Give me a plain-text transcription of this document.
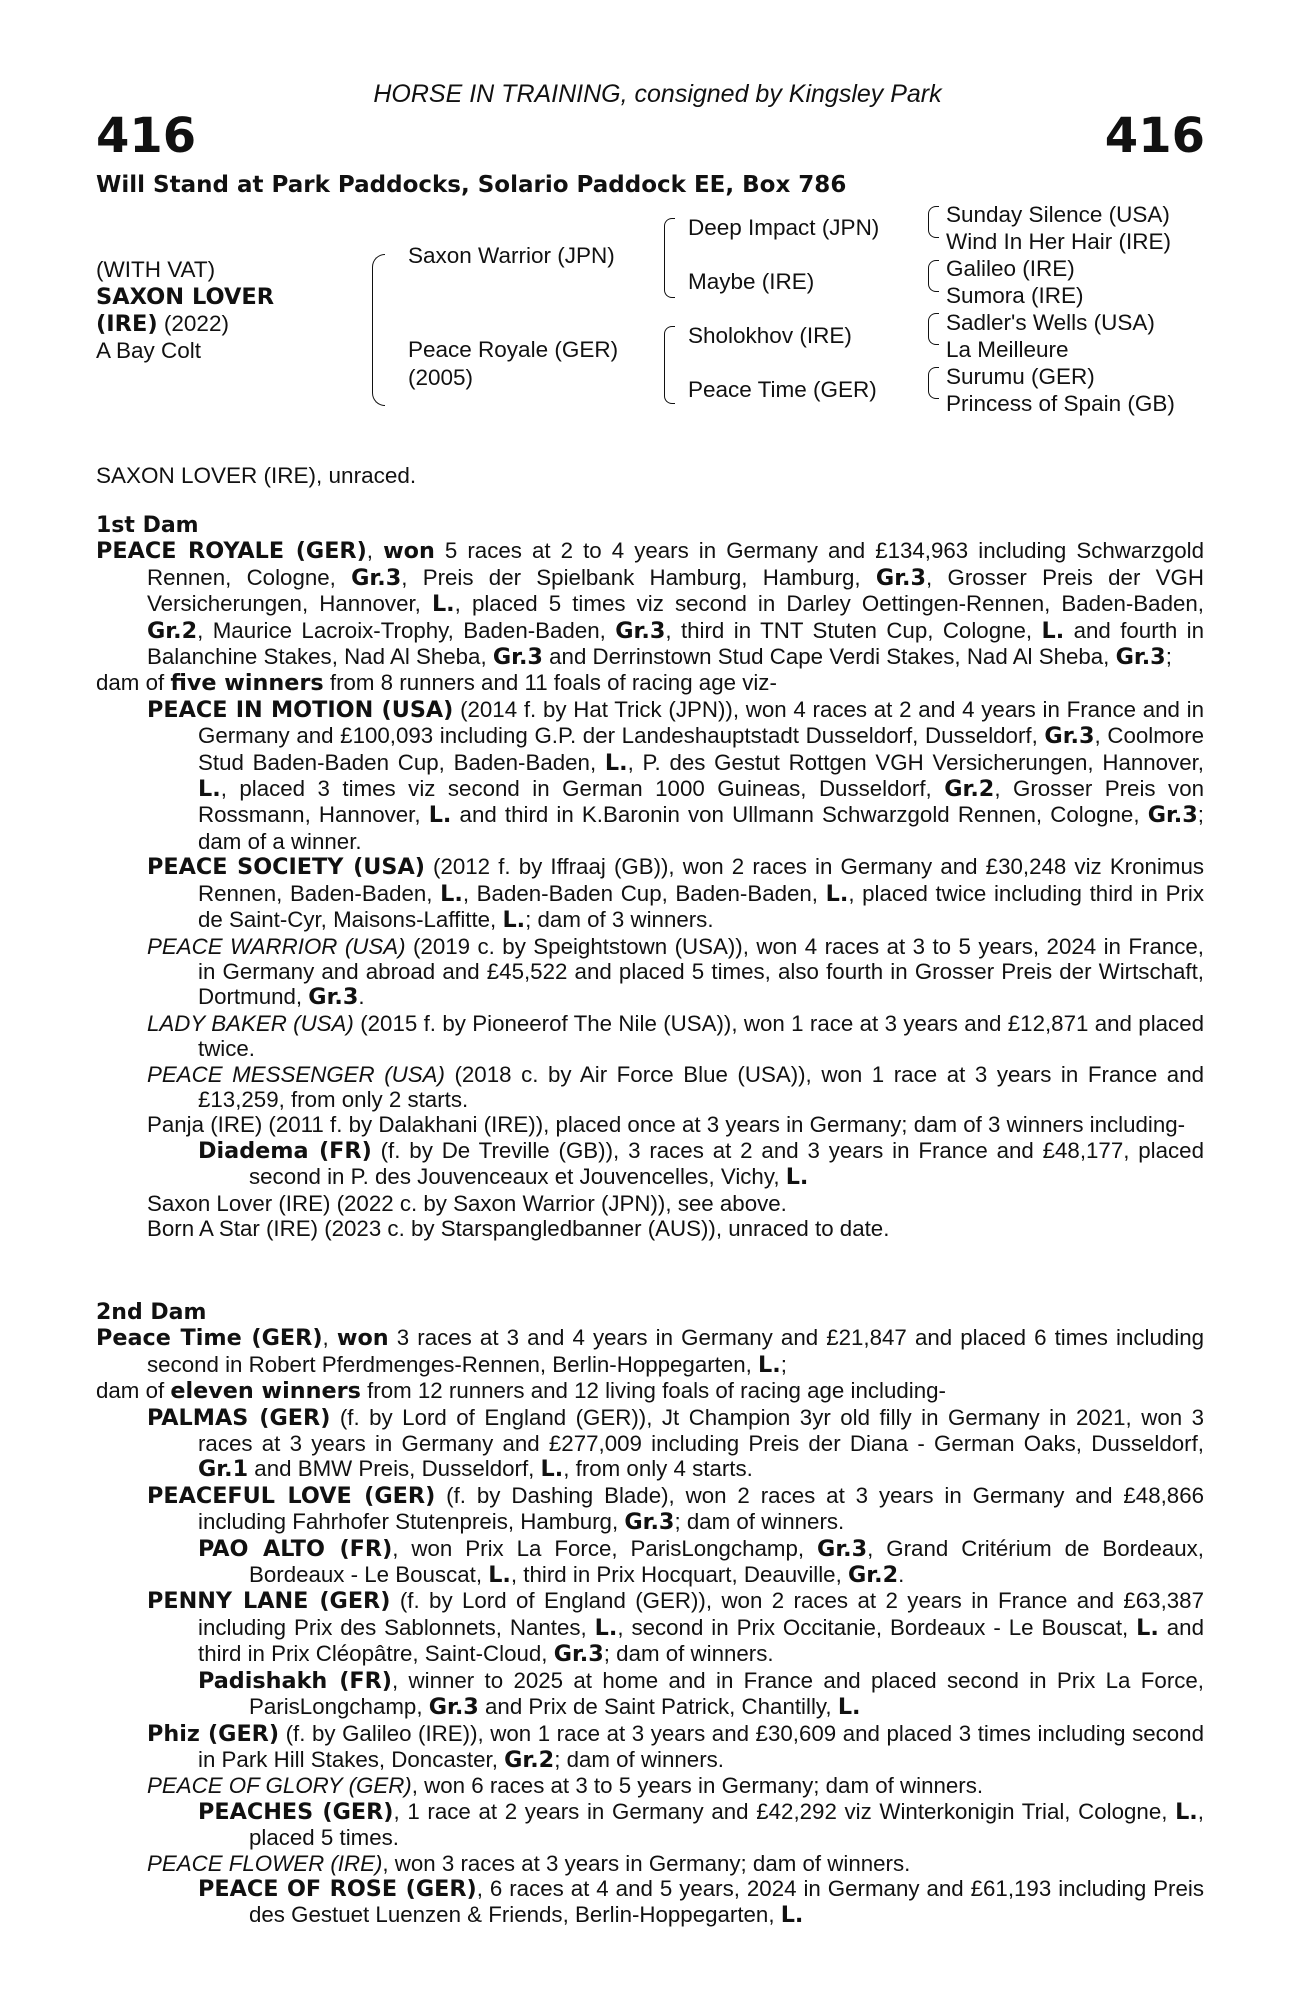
HORSE IN TRAINING, consigned by Kingsley Park
416	416
Will Stand at Park Paddocks, Solario Paddock EE, Box 786
(WITH VAT)
SAXON LOVER
(IRE) (2022)
A Bay Colt
Saxon Warrior (JPN)
Peace Royale (GER)
(2005)
Deep Impact (JPN)
Maybe (IRE)
Sholokhov (IRE)
Peace Time (GER)
Sunday Silence (USA)
Wind In Her Hair (IRE)
Galileo (IRE)
Sumora (IRE)
Sadler's Wells (USA)
La Meilleure
Surumu (GER)
Princess of Spain (GB)
SAXON LOVER (IRE), unraced.

1st Dam

PEACE ROYALE (GER), won 5 races at 2 to 4 years in Germany and £134,963 including Schwarzgold Rennen, Cologne, Gr.3, Preis der Spielbank Hamburg, Hamburg, Gr.3, Grosser Preis der VGH Versicherungen, Hannover, L., placed 5 times viz second in Darley Oettingen-Rennen, Baden-Baden, Gr.2, Maurice Lacroix-Trophy, Baden-Baden, Gr.3, third in TNT Stuten Cup, Cologne, L. and fourth in Balanchine Stakes, Nad Al Sheba, Gr.3 and Derrinstown Stud Cape Verdi Stakes, Nad Al Sheba, Gr.3;

dam of five winners from 8 runners and 11 foals of racing age viz-

PEACE IN MOTION (USA) (2014 f. by Hat Trick (JPN)), won 4 races at 2 and 4 years in France and in Germany and £100,093 including G.P. der Landeshauptstadt Dusseldorf, Dusseldorf, Gr.3, Coolmore Stud Baden-Baden Cup, Baden-Baden, L., P. des Gestut Rottgen VGH Versicherungen, Hannover, L., placed 3 times viz second in German 1000 Guineas, Dusseldorf, Gr.2, Grosser Preis von Rossmann, Hannover, L. and third in K.Baronin von Ullmann Schwarzgold Rennen, Cologne, Gr.3; dam of a winner.

PEACE SOCIETY (USA) (2012 f. by Iffraaj (GB)), won 2 races in Germany and £30,248 viz Kronimus Rennen, Baden-Baden, L., Baden-Baden Cup, Baden-Baden, L., placed twice including third in Prix de Saint-Cyr, Maisons-Laffitte, L.; dam of 3 winners.

PEACE WARRIOR (USA) (2019 c. by Speightstown (USA)), won 4 races at 3 to 5 years, 2024 in France, in Germany and abroad and £45,522 and placed 5 times, also fourth in Grosser Preis der Wirtschaft, Dortmund, Gr.3.

LADY BAKER (USA) (2015 f. by Pioneerof The Nile (USA)), won 1 race at 3 years and £12,871 and placed twice.

PEACE MESSENGER (USA) (2018 c. by Air Force Blue (USA)), won 1 race at 3 years in France and £13,259, from only 2 starts.

Panja (IRE) (2011 f. by Dalakhani (IRE)), placed once at 3 years in Germany; dam of 3 winners including-

Diadema (FR) (f. by De Treville (GB)), 3 races at 2 and 3 years in France and £48,177, placed second in P. des Jouvenceaux et Jouvencelles, Vichy, L.

Saxon Lover (IRE) (2022 c. by Saxon Warrior (JPN)), see above.

Born A Star (IRE) (2023 c. by Starspangledbanner (AUS)), unraced to date.

2nd Dam

Peace Time (GER), won 3 races at 3 and 4 years in Germany and £21,847 and placed 6 times including second in Robert Pferdmenges-Rennen, Berlin-Hoppegarten, L.;

dam of eleven winners from 12 runners and 12 living foals of racing age including-

PALMAS (GER) (f. by Lord of England (GER)), Jt Champion 3yr old filly in Germany in 2021, won 3 races at 3 years in Germany and £277,009 including Preis der Diana - German Oaks, Dusseldorf, Gr.1 and BMW Preis, Dusseldorf, L., from only 4 starts.

PEACEFUL LOVE (GER) (f. by Dashing Blade), won 2 races at 3 years in Germany and £48,866 including Fahrhofer Stutenpreis, Hamburg, Gr.3; dam of winners.

PAO ALTO (FR), won Prix La Force, ParisLongchamp, Gr.3, Grand Critérium de Bordeaux, Bordeaux - Le Bouscat, L., third in Prix Hocquart, Deauville, Gr.2.

PENNY LANE (GER) (f. by Lord of England (GER)), won 2 races at 2 years in France and £63,387 including Prix des Sablonnets, Nantes, L., second in Prix Occitanie, Bordeaux - Le Bouscat, L. and third in Prix Cléopâtre, Saint-Cloud, Gr.3; dam of winners.

Padishakh (FR), winner to 2025 at home and in France and placed second in Prix La Force, ParisLongchamp, Gr.3 and Prix de Saint Patrick, Chantilly, L.

Phiz (GER) (f. by Galileo (IRE)), won 1 race at 3 years and £30,609 and placed 3 times including second in Park Hill Stakes, Doncaster, Gr.2; dam of winners.

PEACE OF GLORY (GER), won 6 races at 3 to 5 years in Germany; dam of winners.

PEACHES (GER), 1 race at 2 years in Germany and £42,292 viz Winterkonigin Trial, Cologne, L., placed 5 times.

PEACE FLOWER (IRE), won 3 races at 3 years in Germany; dam of winners.

PEACE OF ROSE (GER), 6 races at 4 and 5 years, 2024 in Germany and £61,193 including Preis des Gestuet Luenzen & Friends, Berlin-Hoppegarten, L.
